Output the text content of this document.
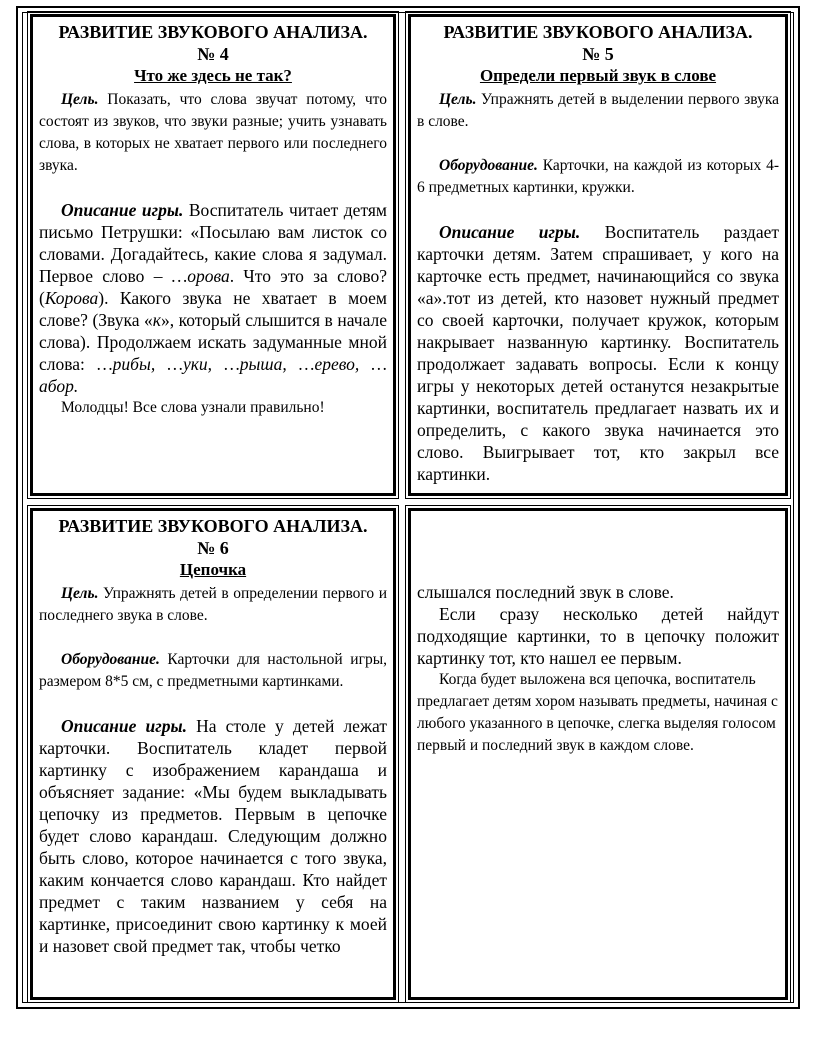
РАЗВИТИЕ ЗВУКОВОГО АНАЛИЗА.
№ 4
Что же здесь не так?

Цель. Показать, что слова звучат потому, что состоят из звуков, что звуки разные; учить узнавать слова, в которых не хватает первого или последнего звука.

Описание игры. Воспитатель читает детям письмо Петрушки: «Посылаю вам листок со словами. Догадайтесь, какие слова я задумал. Первое слово – …орова. Что это за слово? (Корова). Какого звука не хватает в моем слове? (Звука «к», который слышится в начале слова). Продолжаем искать задуманные мной слова: …рибы, …уки, …рыша, …ерево, …абор.

Молодцы! Все слова узнали правильно!

РАЗВИТИЕ ЗВУКОВОГО АНАЛИЗА.
№ 5
Определи первый звук в слове

Цель. Упражнять детей в выделении первого звука в слове.

Оборудование. Карточки, на каждой из которых 4-6 предметных картинки, кружки.

Описание игры. Воспитатель раздает карточки детям. Затем спрашивает, у кого на карточке есть предмет, начинающийся со звука «а».тот из детей, кто назовет нужный предмет со своей карточки, получает кружок, которым накрывает названную картинку. Воспитатель продолжает задавать вопросы. Если к концу игры у некоторых детей останутся незакрытые картинки, воспитатель предлагает назвать их и определить, с какого звука начинается это слово. Выигрывает тот, кто закрыл все картинки.

РАЗВИТИЕ ЗВУКОВОГО АНАЛИЗА.
№ 6
Цепочка

Цель. Упражнять детей в определении первого и последнего звука в слове.

Оборудование. Карточки для настольной игры, размером 8*5 см, с предметными картинками.

Описание игры. На столе у детей лежат карточки. Воспитатель кладет первой картинку с изображением карандаша и объясняет задание: «Мы будем выкладывать цепочку из предметов. Первым в цепочке будет слово карандаш. Следующим должно быть слово, которое начинается с того звука, каким кончается слово карандаш. Кто найдет предмет с таким названием у себя на картинке, присоединит свою картинку к моей и назовет свой предмет так, чтобы четко

слышался последний звук в слове.

Если сразу несколько детей найдут подходящие картинки, то в цепочку положит картинку тот, кто нашел ее первым.

Когда будет выложена вся цепочка, воспитатель предлагает детям хором называть предметы, начиная с любого указанного в цепочке, слегка выделяя голосом первый и последний звук в каждом слове.
